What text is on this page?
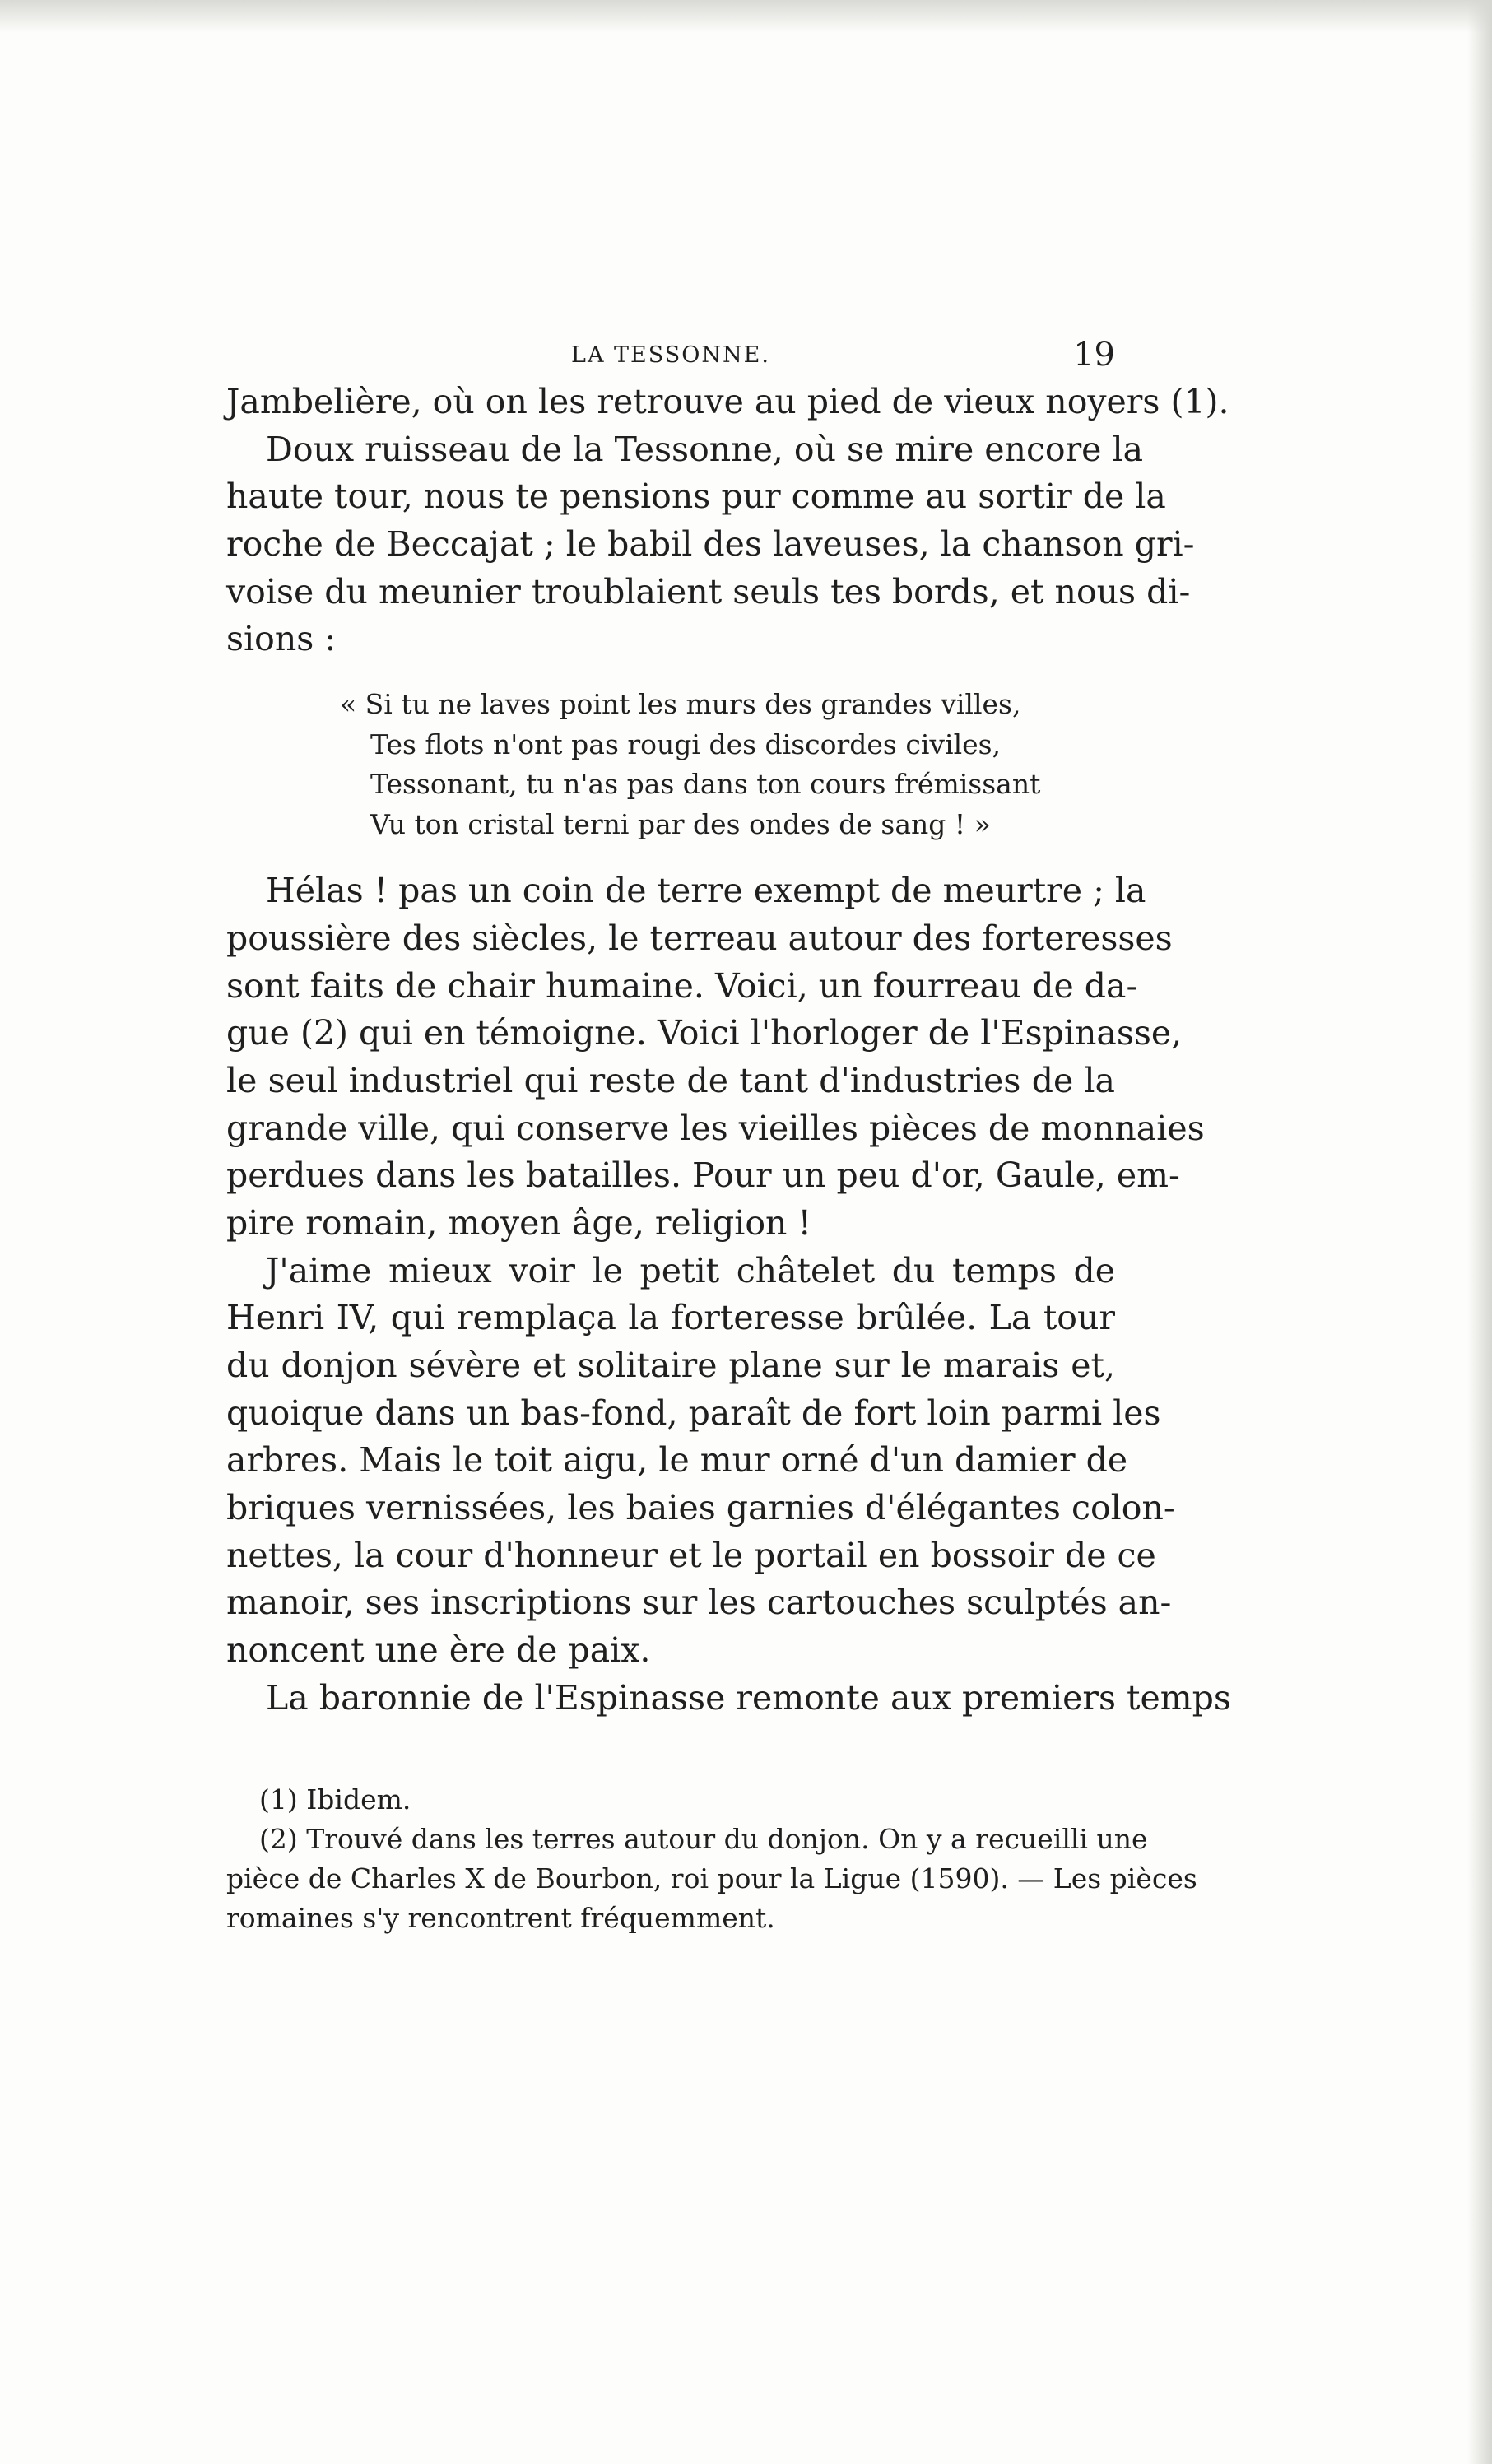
LA TESSONNE.	19
Jambelière, où on les retrouve au pied de vieux noyers (1).
Doux ruisseau de la Tessonne, où se mire encore la
haute tour, nous te pensions pur comme au sortir de la
roche de Beccajat ; le babil des laveuses, la chanson gri-
voise du meunier troublaient seuls tes bords, et nous di-
sions :
« Si tu ne laves point les murs des grandes villes,
Tes flots n'ont pas rougi des discordes civiles,
Tessonant, tu n'as pas dans ton cours frémissant
Vu ton cristal terni par des ondes de sang ! »
Hélas ! pas un coin de terre exempt de meurtre ; la
poussière des siècles, le terreau autour des forteresses
sont faits de chair humaine. Voici, un fourreau de da-
gue (2) qui en témoigne. Voici l'horloger de l'Espinasse,
le seul industriel qui reste de tant d'industries de la
grande ville, qui conserve les vieilles pièces de monnaies
perdues dans les batailles. Pour un peu d'or, Gaule, em-
pire romain, moyen âge, religion !
J'aime mieux voir le petit châtelet du temps de
Henri IV, qui remplaça la forteresse brûlée. La tour
du donjon sévère et solitaire plane sur le marais et,
quoique dans un bas-fond, paraît de fort loin parmi les
arbres. Mais le toit aigu, le mur orné d'un damier de
briques vernissées, les baies garnies d'élégantes colon-
nettes, la cour d'honneur et le portail en bossoir de ce
manoir, ses inscriptions sur les cartouches sculptés an-
noncent une ère de paix.
La baronnie de l'Espinasse remonte aux premiers temps
(1) Ibidem.
(2) Trouvé dans les terres autour du donjon. On y a recueilli une
pièce de Charles X de Bourbon, roi pour la Ligue (1590). — Les pièces
romaines s'y rencontrent fréquemment.
